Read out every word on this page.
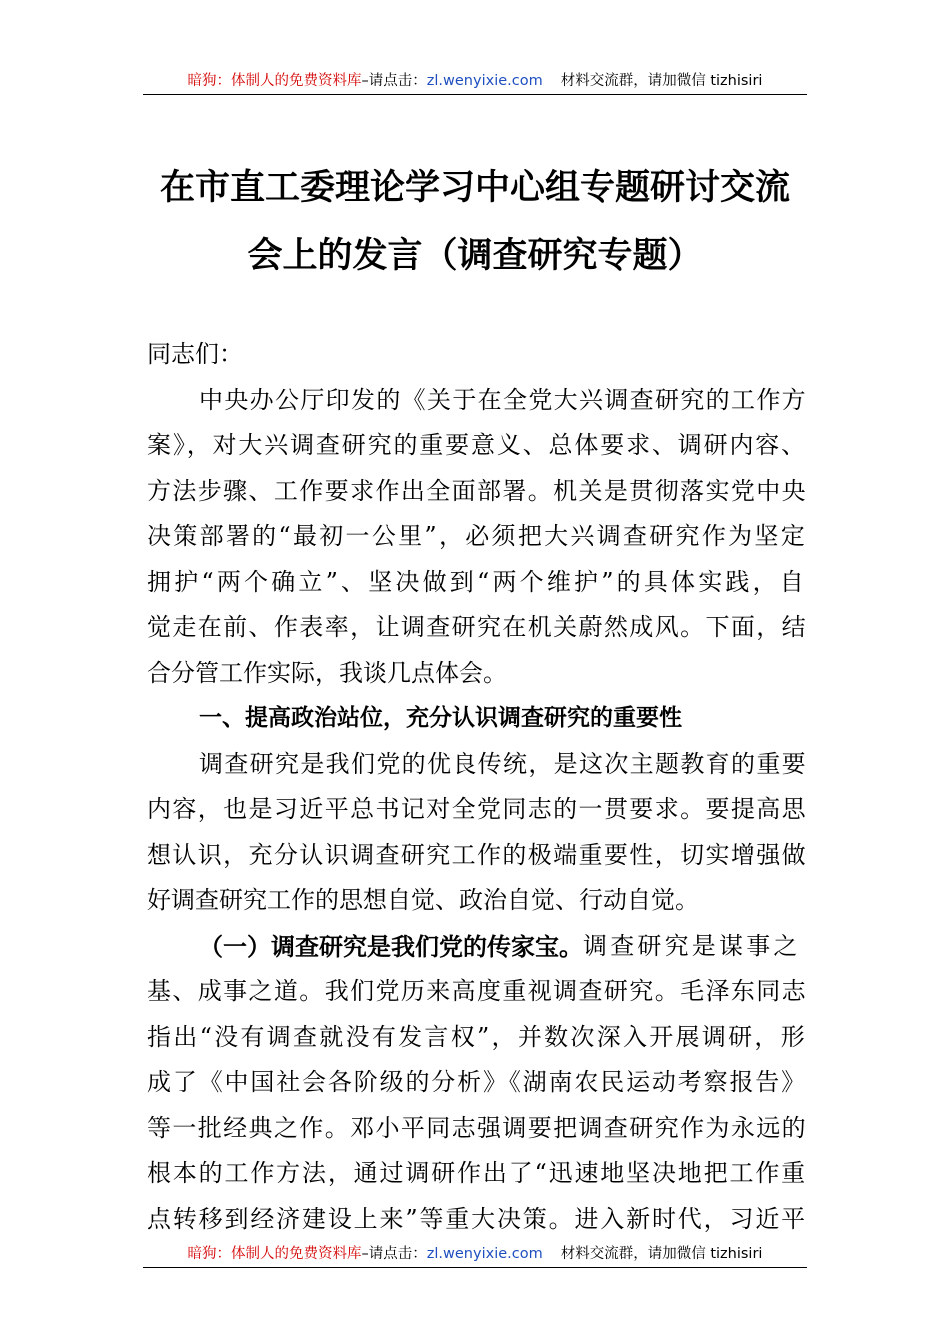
暗狗：体制人的免费资料库–请点击：zl.wenyixie.com 材料交流群，请加微信 tizhisiri
在市直工委理论学习中心组专题研讨交流
会上的发言（调查研究专题）
同志们：
中央办公厅印发的《关于在全党大兴调查研究的工作方
案》，对大兴调查研究的重要意义、总体要求、调研内容、
方法步骤、工作要求作出全面部署。机关是贯彻落实党中央
决策部署的“最初一公里”，必须把大兴调查研究作为坚定
拥护“两个确立”、坚决做到“两个维护”的具体实践，自
觉走在前、作表率，让调查研究在机关蔚然成风。下面，结
合分管工作实际，我谈几点体会。
一、提高政治站位，充分认识调查研究的重要性
调查研究是我们党的优良传统，是这次主题教育的重要
内容，也是习近平总书记对全党同志的一贯要求。要提高思
想认识，充分认识调查研究工作的极端重要性，切实增强做
好调查研究工作的思想自觉、政治自觉、行动自觉。
（一）调查研究是我们党的传家宝。 调查研究是谋事之
基、成事之道。我们党历来高度重视调查研究。毛泽东同志
指出“没有调查就没有发言权”，并数次深入开展调研，形
成了《中国社会各阶级的分析》《湖南农民运动考察报告》
等一批经典之作。邓小平同志强调要把调查研究作为永远的
根本的工作方法，通过调研作出了“迅速地坚决地把工作重
点转移到经济建设上来”等重大决策。进入新时代，习近平
暗狗：体制人的免费资料库–请点击：zl.wenyixie.com 材料交流群，请加微信 tizhisiri
